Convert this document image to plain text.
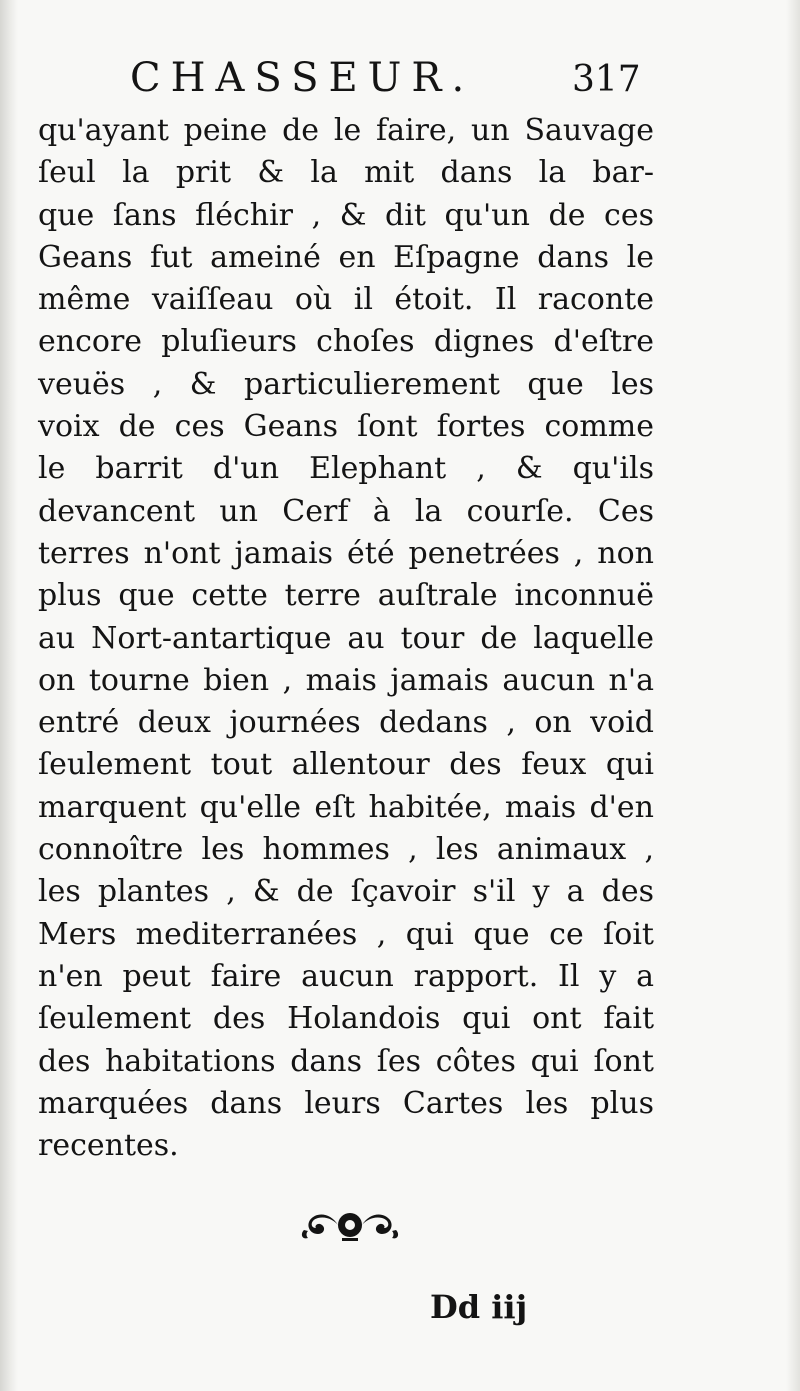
CHASSEUR.	317
qu'ayant peine de le faire, un Sauvage
ſeul la prit & la mit dans la bar-
que ſans fléchir , & dit qu'un de ces
Geans fut ameiné en Eſpagne dans le
même vaiſſeau où il étoit. Il raconte
encore pluſieurs choſes dignes d'eſtre
veuës , & particulierement que les
voix de ces Geans ſont fortes comme
le barrit d'un Elephant , & qu'ils
devancent un Cerf à la courſe. Ces
terres n'ont jamais été penetrées , non
plus que cette terre auſtrale inconnuë
au Nort-antartique au tour de laquelle
on tourne bien , mais jamais aucun n'a
entré deux journées dedans , on void
ſeulement tout allentour des feux qui
marquent qu'elle eſt habitée, mais d'en
connoître les hommes , les animaux ,
les plantes , & de ſçavoir s'il y a des
Mers mediterranées , qui que ce ſoit
n'en peut faire aucun rapport. Il y a
ſeulement des Holandois qui ont fait
des habitations dans ſes côtes qui ſont
marquées dans leurs Cartes les plus
recentes.
Dd iij
